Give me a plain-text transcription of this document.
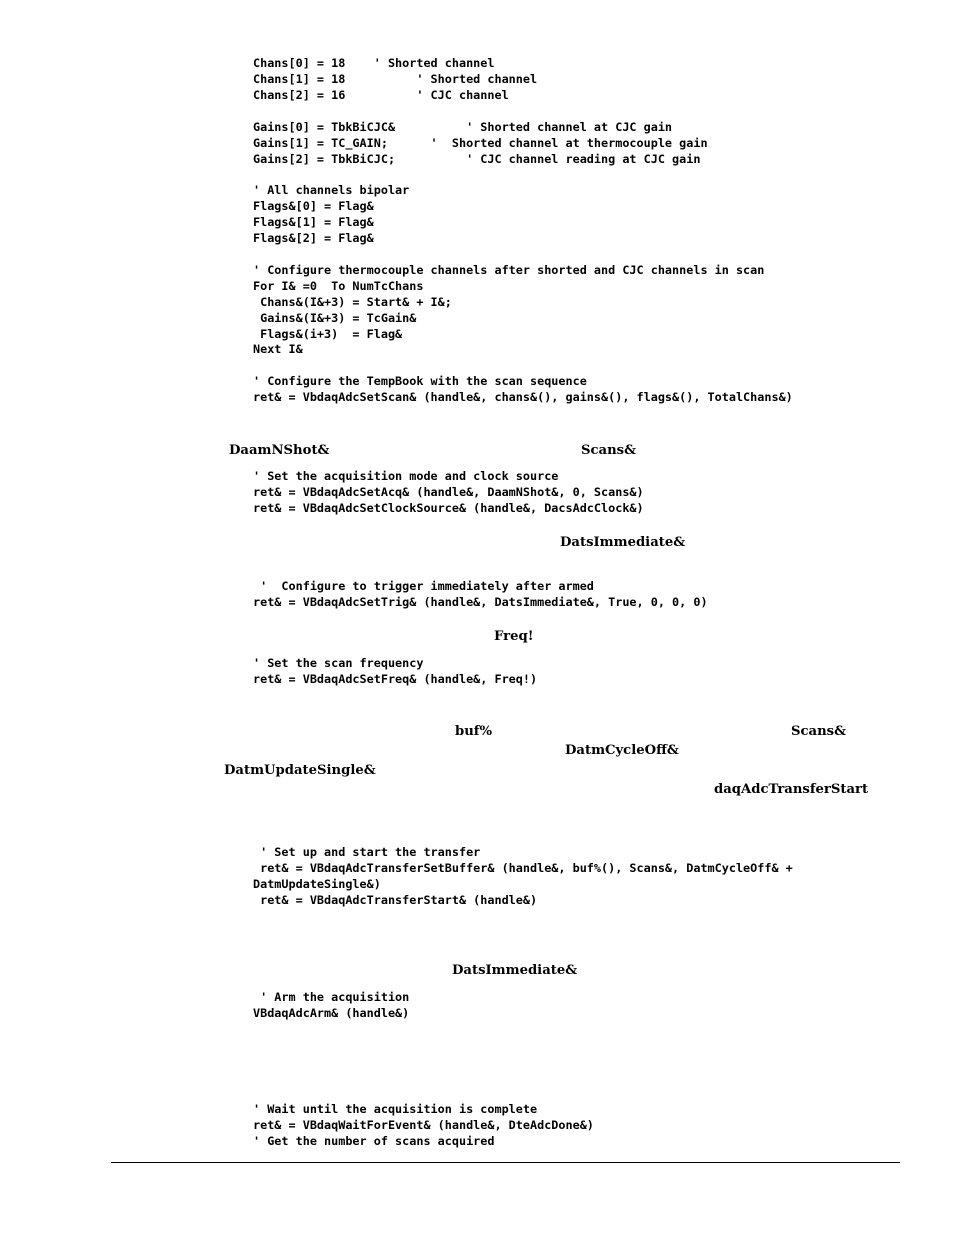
Chans[0] = 18    ' Shorted channel
Chans[1] = 18          ' Shorted channel
Chans[2] = 16          ' CJC channel
Gains[0] = TbkBiCJC&          ' Shorted channel at CJC gain
Gains[1] = TC_GAIN;      '  Shorted channel at thermocouple gain
Gains[2] = TbkBiCJC;          ' CJC channel reading at CJC gain
' All channels bipolar
Flags&[0] = Flag&
Flags&[1] = Flag&
Flags&[2] = Flag&
' Configure thermocouple channels after shorted and CJC channels in scan
For I& =0  To NumTcChans
Chans&(I&+3) = Start& + I&;
Gains&(I&+3) = TcGain&
Flags&(i+3)  = Flag&
Next I&
' Configure the TempBook with the scan sequence
ret& = VbdaqAdcSetScan& (handle&, chans&(), gains&(), flags&(), TotalChans&)
DaamNShot&	Scans&
' Set the acquisition mode and clock source
ret& = VBdaqAdcSetAcq& (handle&, DaamNShot&, 0, Scans&)
ret& = VBdaqAdcSetClockSource& (handle&, DacsAdcClock&)
DatsImmediate&
'  Configure to trigger immediately after armed
ret& = VBdaqAdcSetTrig& (handle&, DatsImmediate&, True, 0, 0, 0)
Freq!
' Set the scan frequency
ret& = VBdaqAdcSetFreq& (handle&, Freq!)
buf%	Scans&
DatmCycleOff&
DatmUpdateSingle&
daqAdcTransferStart
' Set up and start the transfer
ret& = VBdaqAdcTransferSetBuffer& (handle&, buf%(), Scans&, DatmCycleOff& +
DatmUpdateSingle&)
ret& = VBdaqAdcTransferStart& (handle&)
DatsImmediate&
' Arm the acquisition
VBdaqAdcArm& (handle&)
' Wait until the acquisition is complete
ret& = VBdaqWaitForEvent& (handle&, DteAdcDone&)
' Get the number of scans acquired
